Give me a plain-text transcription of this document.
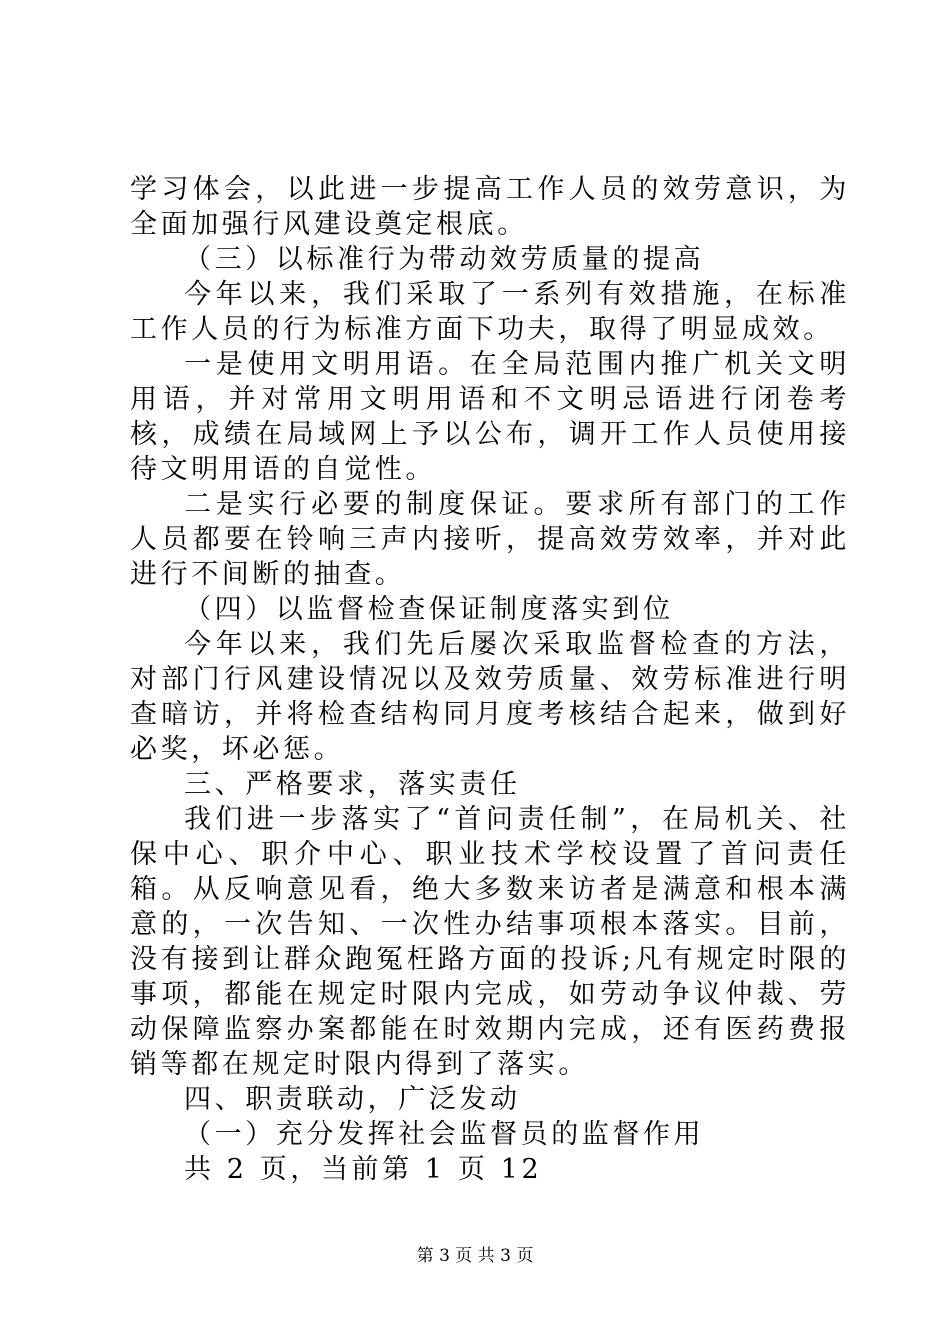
学习体会，以此进一步提高工作人员的效劳意识，为全面加强行风建设奠定根底。

（三）以标准行为带动效劳质量的提高

今年以来，我们采取了一系列有效措施，在标准工作人员的行为标准方面下功夫，取得了明显成效。

一是使用文明用语。在全局范围内推广机关文明用语，并对常用文明用语和不文明忌语进行闭卷考核，成绩在局域网上予以公布，调开工作人员使用接待文明用语的自觉性。

二是实行必要的制度保证。要求所有部门的工作人员都要在铃响三声内接听，提高效劳效率，并对此进行不间断的抽查。

（四）以监督检查保证制度落实到位

今年以来，我们先后屡次采取监督检查的方法，对部门行风建设情况以及效劳质量、效劳标准进行明查暗访，并将检查结构同月度考核结合起来，做到好必奖，坏必惩。

三、严格要求，落实责任

我们进一步落实了“首问责任制”，在局机关、社保中心、职介中心、职业技术学校设置了首问责任箱。从反响意见看，绝大多数来访者是满意和根本满意的，一次告知、一次性办结事项根本落实。目前，没有接到让群众跑冤枉路方面的投诉;凡有规定时限的事项，都能在规定时限内完成，如劳动争议仲裁、劳动保障监察办案都能在时效期内完成，还有医药费报销等都在规定时限内得到了落实。

四、职责联动，广泛发动

（一）充分发挥社会监督员的监督作用

共 2 页，当前第 1 页 12

第 3 页 共 3 页
